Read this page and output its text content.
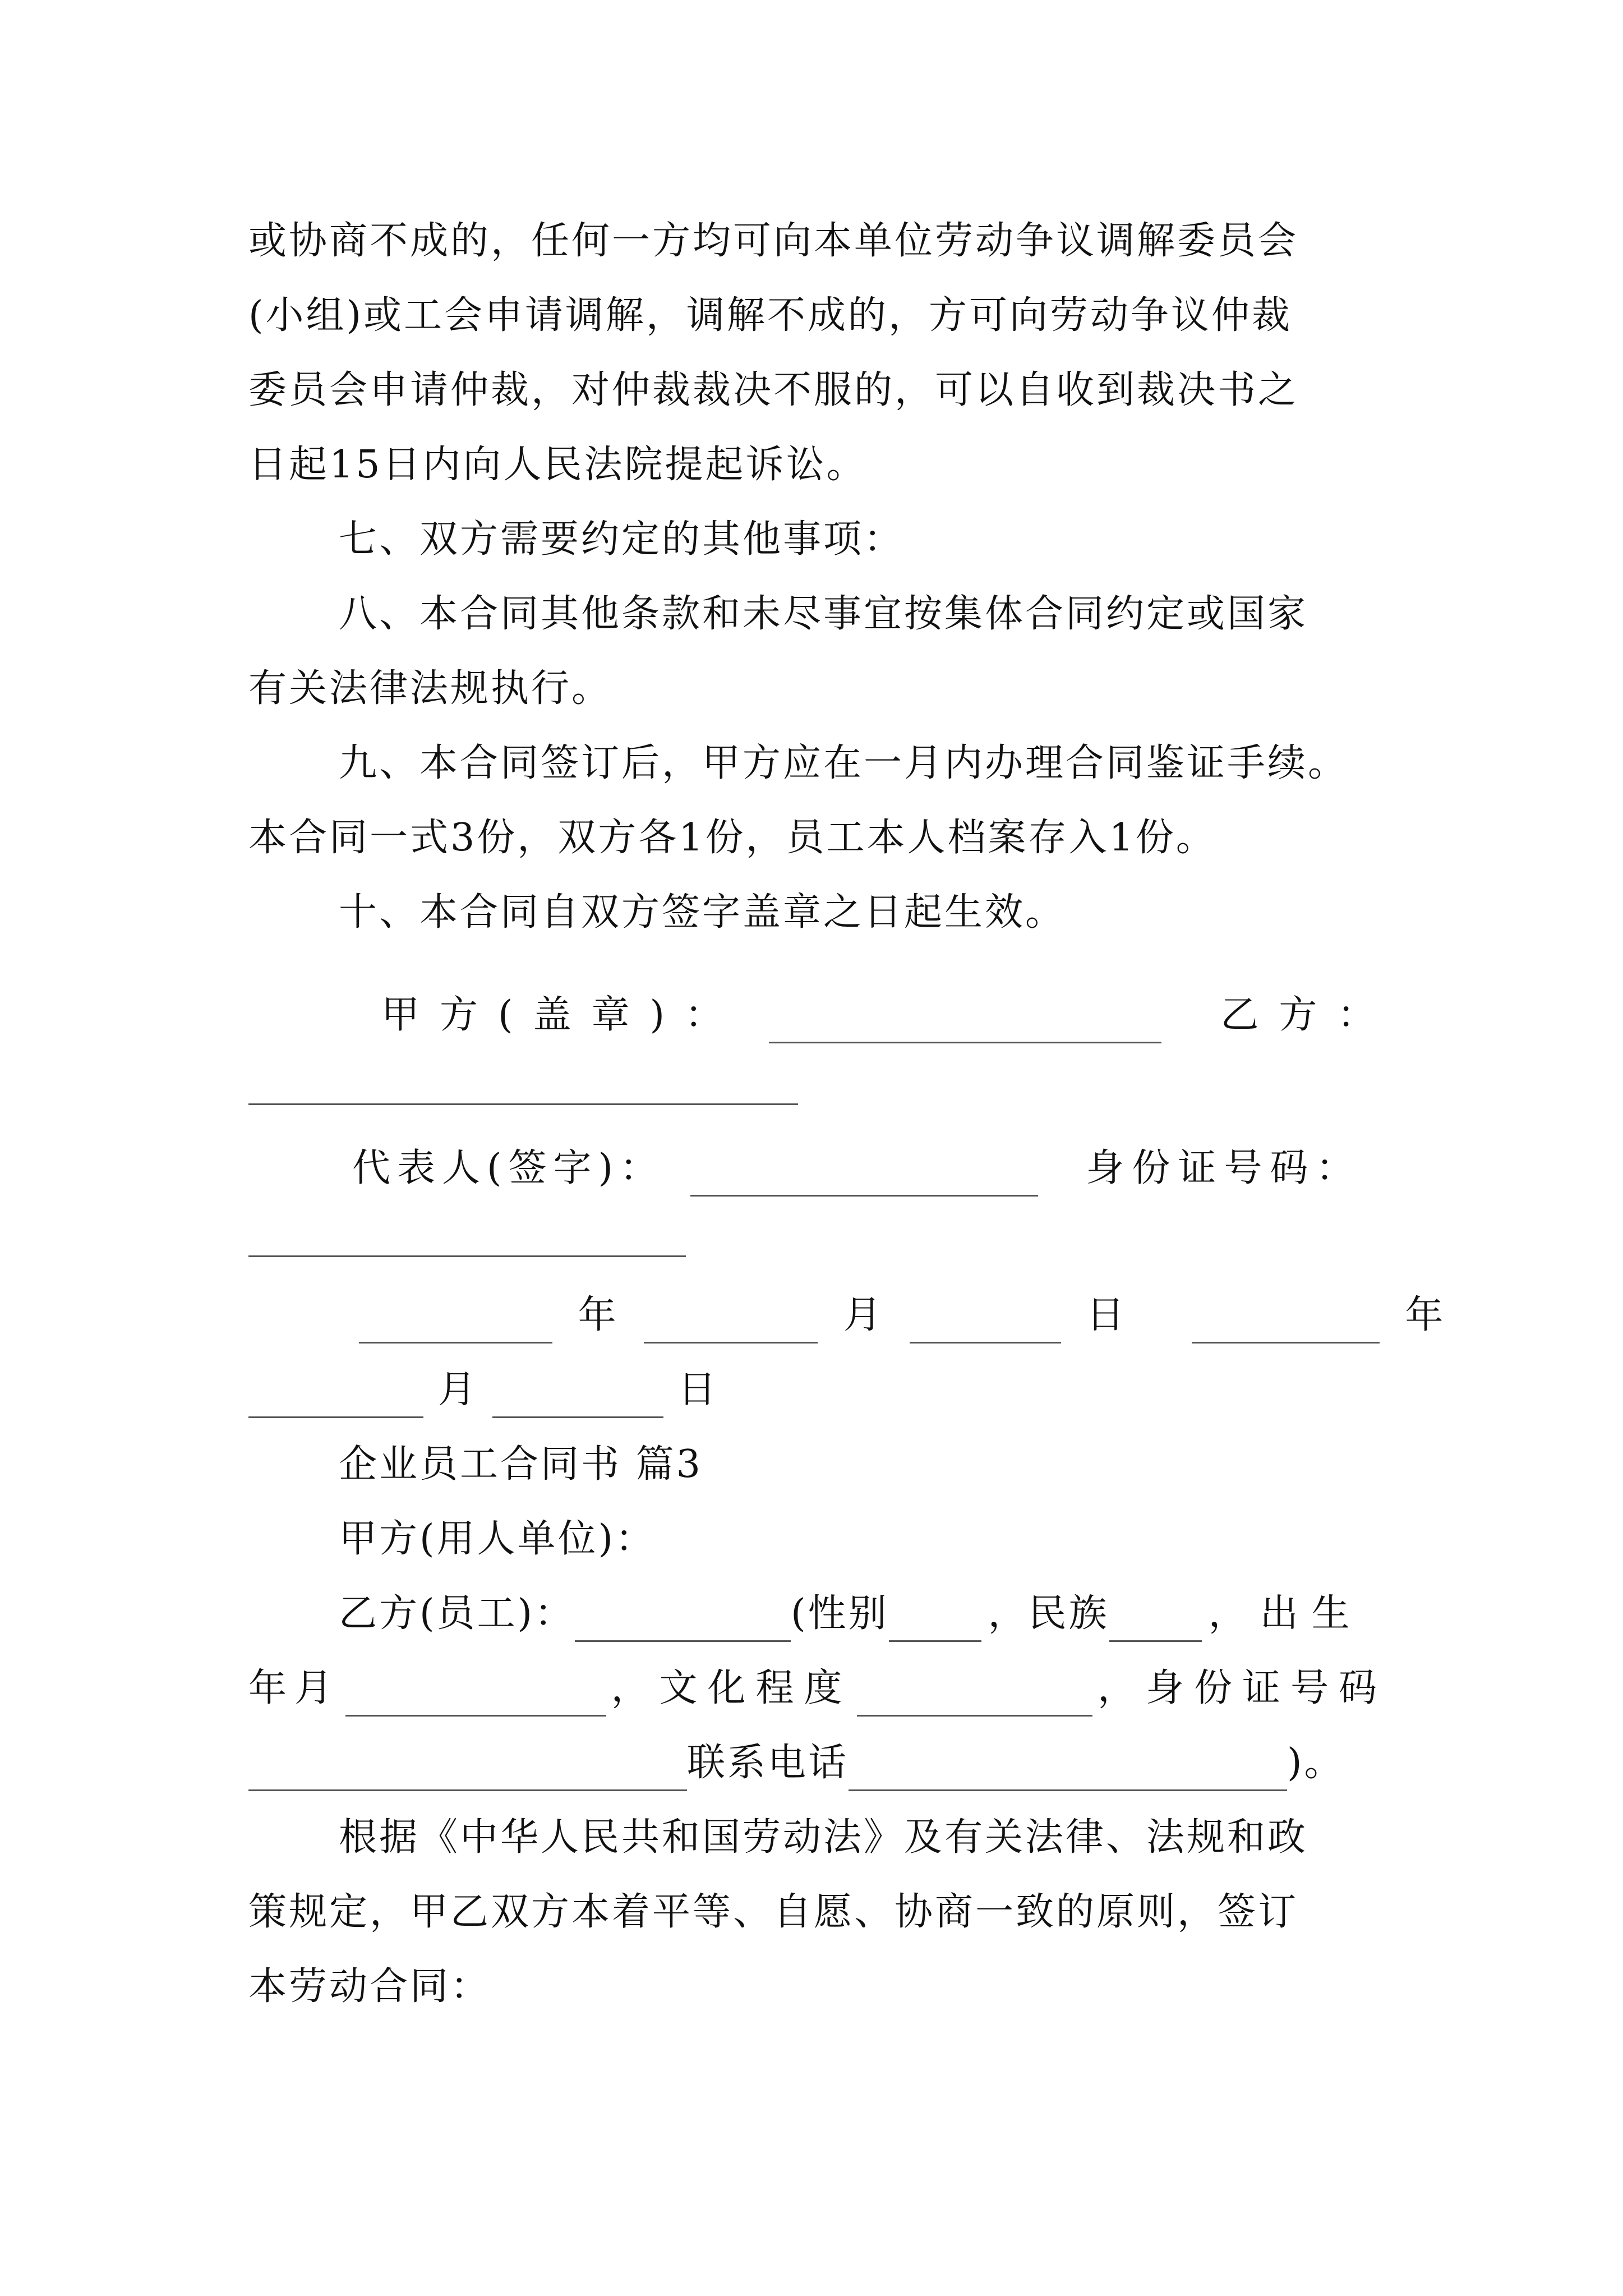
或协商不成的，任何一方均可向本单位劳动争议调解委员会
(小组)或工会申请调解，调解不成的，方可向劳动争议仲裁
委员会申请仲裁，对仲裁裁决不服的，可以自收到裁决书之
日起15日内向人民法院提起诉讼。
七、双方需要约定的其他事项：
八、本合同其他条款和未尽事宜按集体合同约定或国家
有关法律法规执行。
九、本合同签订后，甲方应在一月内办理合同鉴证手续。
本合同一式3份，双方各1份，员工本人档案存入1份。
十、本合同自双方签字盖章之日起生效。
甲方(盖章)：	乙方：
代表人(签字)：	身份证号码：
年	月	日	年
月	日
企业员工合同书 篇3
甲方(用人单位)：
乙方(员工)：	(性别	，民族	，出生
年月	，文化程度	，身份证号码
联系电话	)。
根据《中华人民共和国劳动法》及有关法律、法规和政
策规定，甲乙双方本着平等、自愿、协商一致的原则，签订
本劳动合同：
